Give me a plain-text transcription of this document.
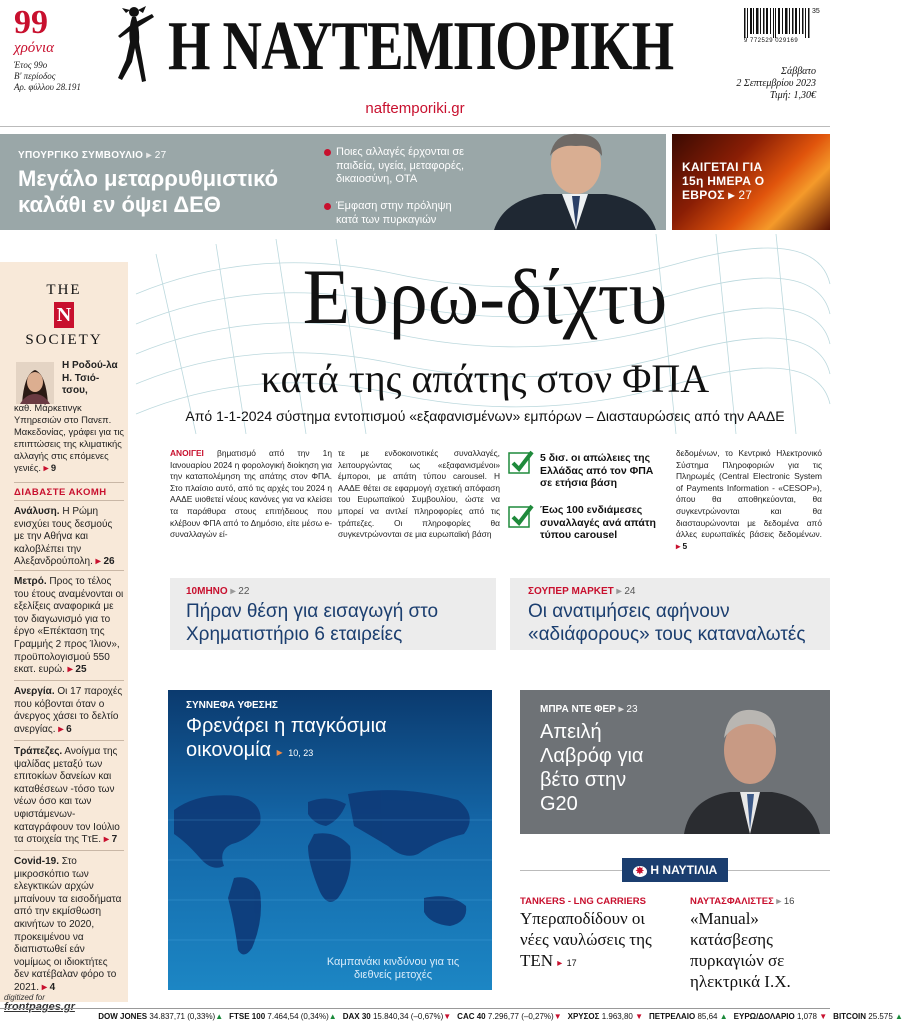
99
χρόνια
Έτος 99ο
Β' περίοδος
Αρ. φύλλου 28.191
Η ΝΑΥΤΕΜΠΟΡΙΚΗ
naftemporiki.gr
35
9 772529 029169
Σάββατο
2 Σεπτεμβρίου 2023
Τιμή: 1,30€
ΥΠΟΥΡΓΙΚΟ ΣΥΜΒΟΥΛΙΟ ▸ 27
Μεγάλο μεταρρυθμιστικό καλάθι εν όψει ΔΕΘ
Ποιες αλλαγές έρχονται σε παιδεία, υγεία, μεταφορές, δικαιοσύνη, ΟΤΑ
Έμφαση στην πρόληψη κατά των πυρκαγιών
ΚΑΙΓΕΤΑΙ ΓΙΑ 15η ΗΜΕΡΑ Ο ΕΒΡΟΣ ▸ 27
THE
N
SOCIETY
Η Ροδού-λα Η. Τσιό-τσου,
καθ. Μάρκετινγκ Υπηρεσιών στο Πανεπ. Μακεδονίας, γράφει για τις επιπτώσεις της κλιματικής αλλαγής στις επόμενες γενιές. ▸ 9
ΔΙΑΒΑΣΤΕ ΑΚΟΜΗ
Ανάλυση. Η Ρώμη ενισχύει τους δεσμούς με την Αθήνα και καλοβλέπει την Αλεξανδρούπολη. ▸ 26
Μετρό. Προς το τέλος του έτους αναμένονται οι εξελίξεις αναφορικά με τον διαγωνισμό για το έργο «Επέκταση της Γραμμής 2 προς Ίλιον», προϋπολογισμού 550 εκατ. ευρώ. ▸ 25
Ανεργία. Οι 17 παροχές που κόβονται όταν ο άνεργος χάσει το δελτίο ανεργίας. ▸ 6
Τράπεζες. Ανοίγμα της ψαλίδας μεταξύ των επιτοκίων δανείων και καταθέσεων -τόσο των νέων όσο και των υφιστάμενων- καταγράφουν τον Ιούλιο τα στοιχεία της ΤτΕ. ▸ 7
Covid-19. Στο μικροσκόπιο των ελεγκτικών αρχών μπαίνουν τα εισοδήματα από την εκμίσθωση ακινήτων το 2020, προκειμένου να διαπιστωθεί εάν νομίμως οι ιδιοκτήτες δεν κατέβαλαν φόρο το 2021. ▸ 4
Ευρω-δίχτυ
κατά της απάτης στον ΦΠΑ
Από 1-1-2024 σύστημα εντοπισμού «εξαφανισμένων» εμπόρων – Διασταυρώσεις από την ΑΑΔΕ
ΑΝΟΙΓΕΙ βηματισμό από την 1η Ιανουαρίου 2024 η φορολογική διοίκηση για την καταπολέμηση της απάτης στον ΦΠΑ. Στο πλαίσιο αυτό, από τις αρχές του 2024 η ΑΑΔΕ υιοθετεί νέους κανόνες για να κλείσει τα παράθυρα στους επιτήδειους που κλέβουν ΦΠΑ από το Δημόσιο, είτε μέσω e-συναλλαγών εί-
τε με ενδοκοινοτικές συναλλαγές, λειτουργώντας ως «εξαφανισμένοι» έμποροι, με απάτη τύπου carousel. Η ΑΑΔΕ θέτει σε εφαρμογή σχετική απόφαση του Ευρωπαϊκού Συμβουλίου, ώστε να μπορεί να αντλεί πληροφορίες από τις τράπεζες. Οι πληροφορίες θα συγκεντρώνονται σε μια ευρωπαϊκή βάση
5 δισ. οι απώλειες της Ελλάδας από τον ΦΠΑ σε ετήσια βάση
Έως 100 ενδιάμεσες συναλλαγές ανά απάτη τύπου carousel
δεδομένων, το Κεντρικό Ηλεκτρονικό Σύστημα Πληροφοριών για τις Πληρωμές (Central Electronic System of Payments Information - «CESOP»), όπου θα αποθηκεύονται, θα συγκεντρώνονται και θα διασταυρώνονται με δεδομένα από άλλες ευρωπαϊκές βάσεις δεδομένων. ▸ 5
10ΜΗΝΟ ▸ 22
Πήραν θέση για εισαγωγή στο Χρηματιστήριο 6 εταιρείες
ΣΟΥΠΕΡ ΜΑΡΚΕΤ ▸ 24
Οι ανατιμήσεις αφήνουν «αδιάφορους» τους καταναλωτές
ΣΥΝΝΕΦΑ ΥΦΕΣΗΣ
Φρενάρει η παγκόσμια οικονομία ▸ 10, 23
Καμπανάκι κινδύνου για τις διεθνείς μετοχές
ΜΠΡΑ ΝΤΕ ΦΕΡ ▸ 23
Απειλή Λαβρόφ για βέτο στην G20
✸ Η ΝΑΥΤΙΛΙΑ
TANKERS - LNG CARRIERS
Υπεραποδίδουν οι νέες ναυλώσεις της ΤΕΝ ▸ 17
ΝΑΥΤΑΣΦΑΛΙΣΤΕΣ ▸ 16
«Manual» κατάσβεσης πυρκαγιών σε ηλεκτρικά Ι.Χ.
digitized for
frontpages.gr
DOW JONES 34.837,71 (0,33%)▲ FTSE 100 7.464,54 (0,34%)▲ DAX 30 15.840,34 (–0,67%)▼ CAC 40 7.296,77 (–0,27%)▼ ΧΡΥΣΟΣ 1.963,80 ▼ ΠΕΤΡΕΛΑΙΟ 85,64 ▲ ΕΥΡΩ/ΔΟΛΑΡΙΟ 1,078 ▼ BITCOIN 25.575 ▲
